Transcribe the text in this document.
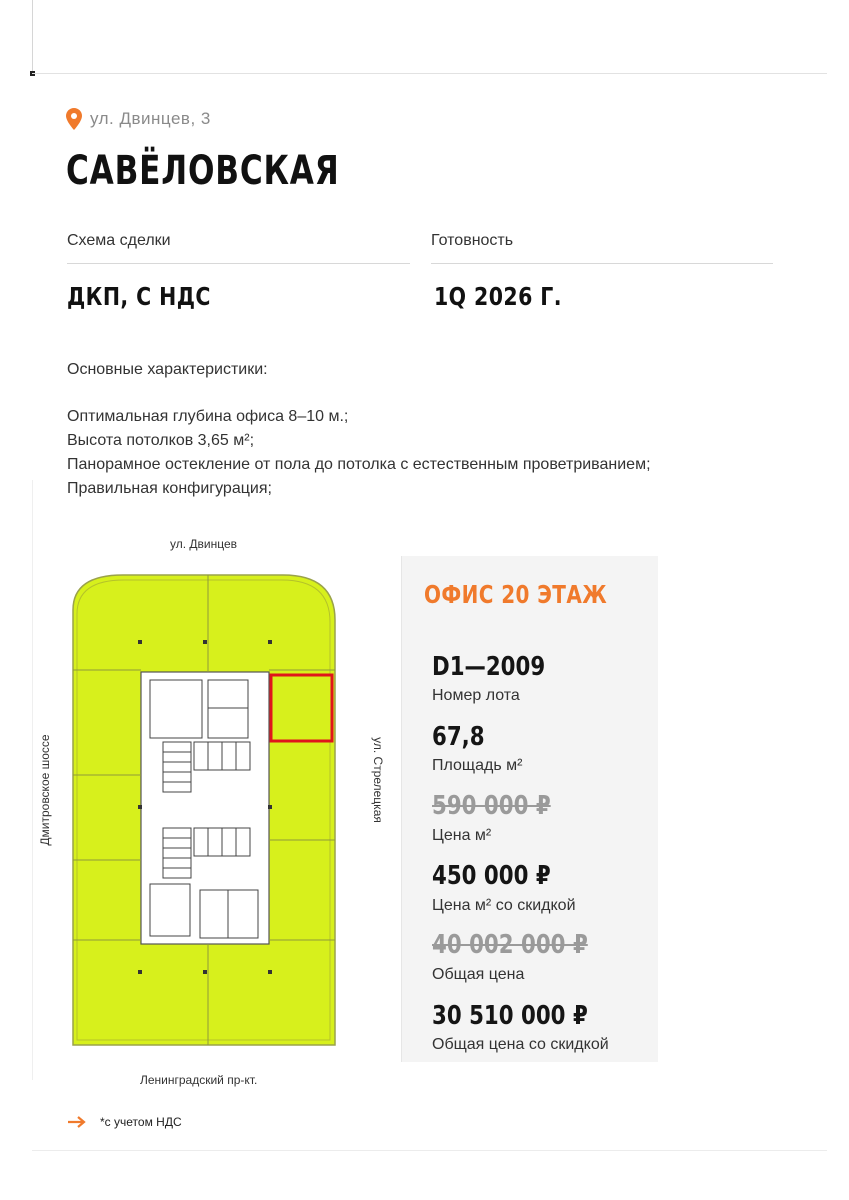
ул. Двинцев, 3
САВЁЛОВСКАЯ
Схема сделки
ДКП, С НДС
Готовность
1Q 2026 Г.
Основные характеристики:
Оптимальная глубина офиса 8–10 м.;
Высота потолков 3,65 м²;
Панорамное остекление от пола до потолка с естественным проветриванием;
Правильная конфигурация;
ул. Двинцев
Ленинградский пр-кт.
Дмитровское шоссе	ул. Стрелецкая
ОФИС 20 ЭТАЖ
D1—2009
Номер лота
67,8
Площадь м²
590 000 ₽
Цена м²
450 000 ₽
Цена м² со скидкой
40 002 000 ₽
Общая цена
30 510 000 ₽
Общая цена со скидкой
*с учетом НДС
